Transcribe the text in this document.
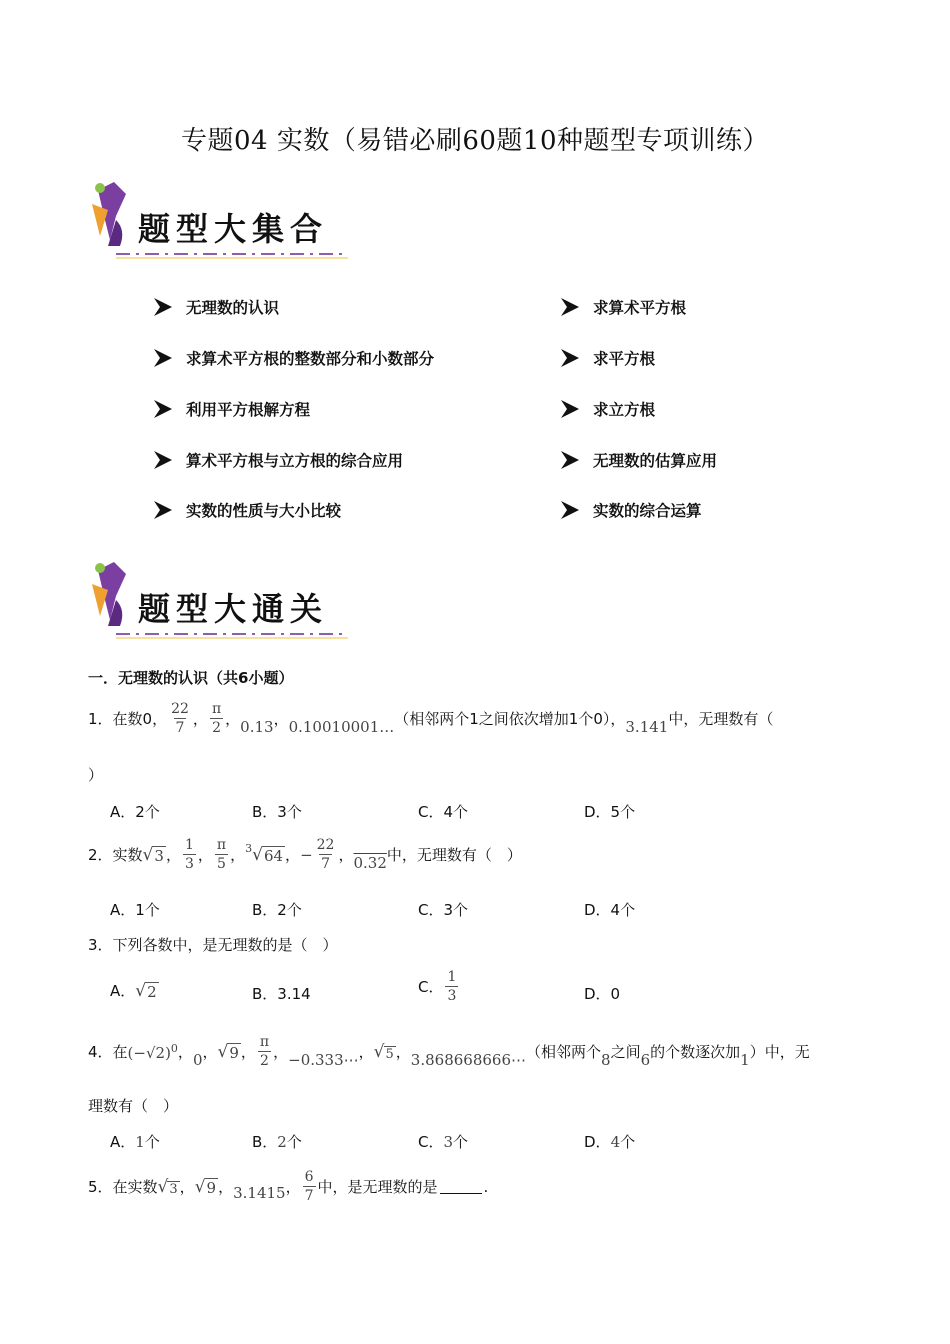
专题04 实数（易错必刷60题10种题型专项训练）
题型大集合
无理数的认识	求算术平方根
求算术平方根的整数部分和小数部分	求平方根
利用平方根解方程	求立方根
算术平方根与立方根的综合应用	无理数的估算应用
实数的性质与大小比较	实数的综合运算
题型大通关
一．无理数的认识（共6小题）
1．在数0， $\frac{22}{7}$ ， $\frac{\pi}{2}$ ， 0.13 ， 0.10010001… （相邻两个1之间依次增加1个0）， 3.141 中，无理数有（
）
A．2个	B．3个	C．4个	D．5个
2．实数 √ 3 ， $\frac{1}{3}$ ， $\frac{\pi}{5}$ ， 3 √ 64 ， − $\frac{22}{7}$ ， 0.32 中，无理数有（　）
A．1个	B．2个	C．3个	D．4个
3．下列各数中，是无理数的是（　）
A． √ 2	B．3.14	C． $\frac{1}{3}$	D．0
4．在 $(-√2)^0$ ， 0 ， √ 9 ， $\frac{\pi}{2}$ ， −0.333⋯ ， √ 5 ， 3.868668666⋯ （相邻两个 8 之间 6 的个数逐次加 1 ）中，无
理数有（　）
A． 1 个	B． 2 个	C． 3 个	D． 4 个
5．在实数 √ 3 ， √ 9 ， 3.1415 ， $\frac{6}{7}$ 中，是无理数的是	.
